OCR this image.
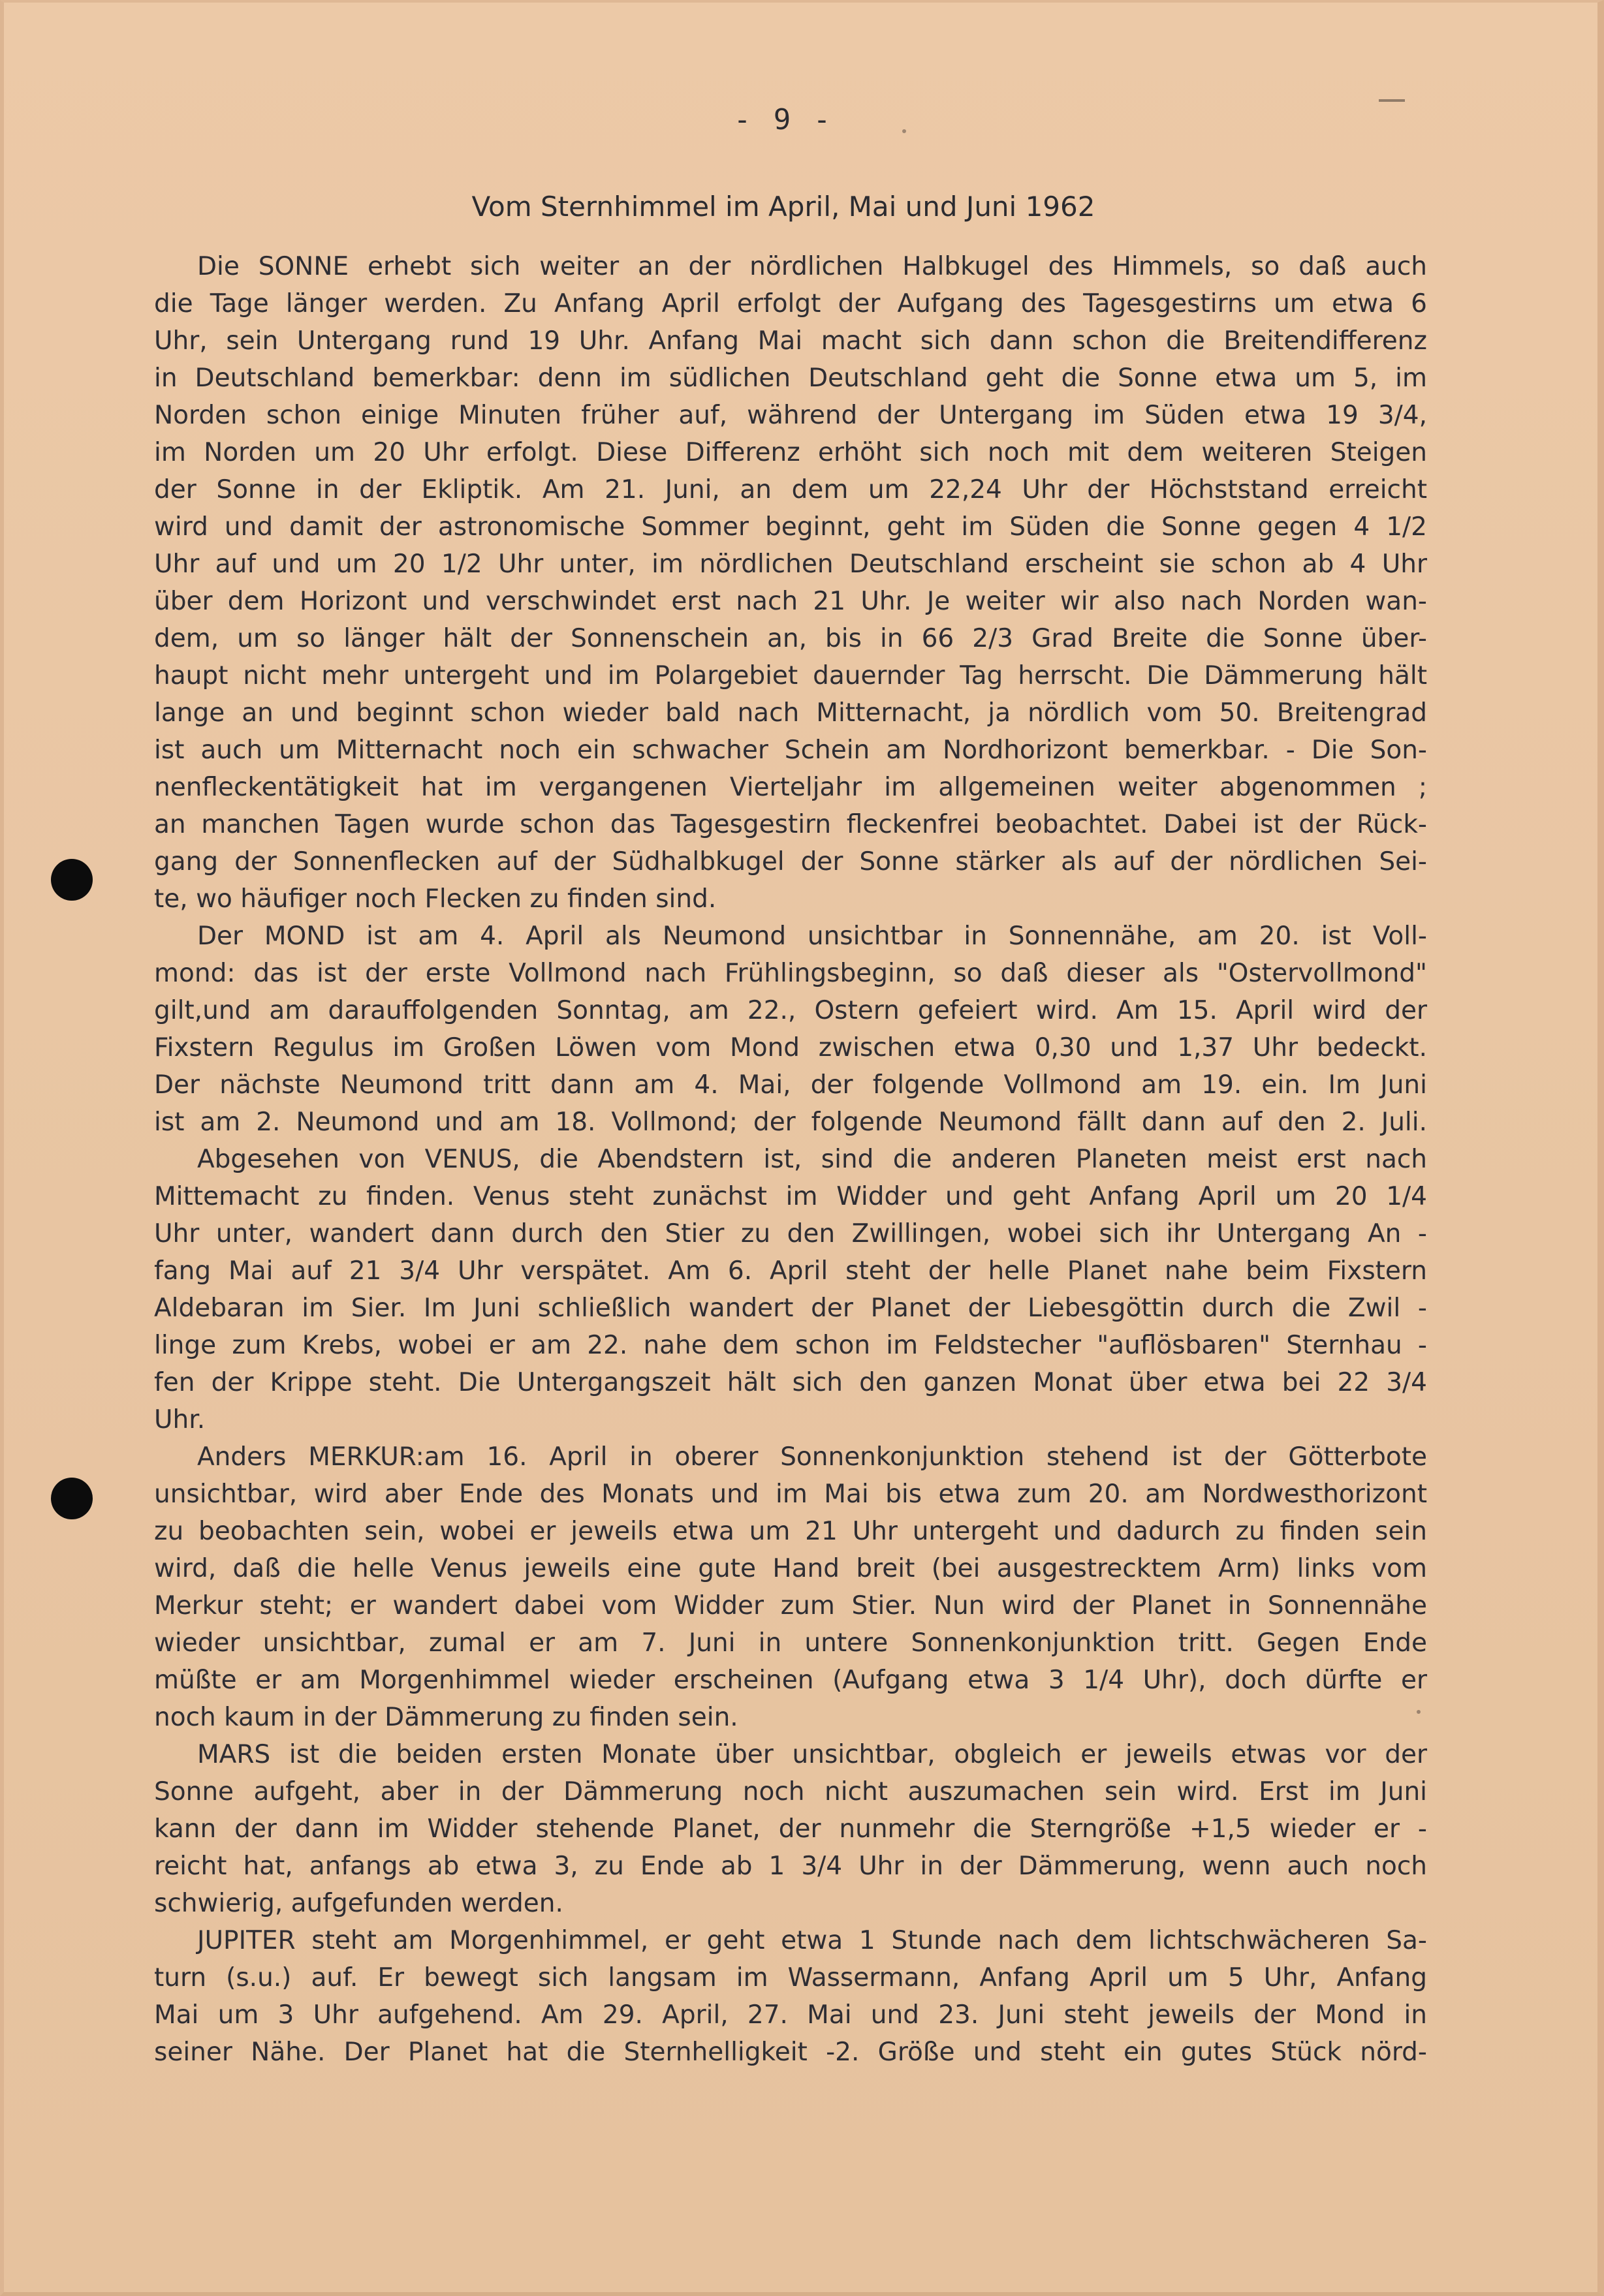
- 9 -
Vom Sternhimmel im April, Mai und Juni 1962
Die SONNE erhebt sich weiter an der nördlichen Halbkugel des Himmels, so daß auch
die Tage länger werden. Zu Anfang April erfolgt der Aufgang des Tagesgestirns um etwa 6
Uhr, sein Untergang rund 19 Uhr. Anfang Mai macht sich dann schon die Breitendifferenz
in Deutschland bemerkbar: denn im südlichen Deutschland geht die Sonne etwa um 5, im
Norden schon einige Minuten früher auf, während der Untergang im Süden etwa 19 3/4,
im Norden um 20 Uhr erfolgt. Diese Differenz erhöht sich noch mit dem weiteren Steigen
der Sonne in der Ekliptik. Am 21. Juni, an dem um 22,24 Uhr der Höchststand erreicht
wird und damit der astronomische Sommer beginnt, geht im Süden die Sonne gegen 4 1/2
Uhr auf und um 20 1/2 Uhr unter, im nördlichen Deutschland erscheint sie schon ab 4 Uhr
über dem Horizont und verschwindet erst nach 21 Uhr. Je weiter wir also nach Norden wan-
dem, um so länger hält der Sonnenschein an, bis in 66 2/3 Grad Breite die Sonne über-
haupt nicht mehr untergeht und im Polargebiet dauernder Tag herrscht. Die Dämmerung hält
lange an und beginnt schon wieder bald nach Mitternacht, ja nördlich vom 50. Breitengrad
ist auch um Mitternacht noch ein schwacher Schein am Nordhorizont bemerkbar. - Die Son-
nenfleckentätigkeit hat im vergangenen Vierteljahr im allgemeinen weiter abgenommen ;
an manchen Tagen wurde schon das Tagesgestirn fleckenfrei beobachtet. Dabei ist der Rück-
gang der Sonnenflecken auf der Südhalbkugel der Sonne stärker als auf der nördlichen Sei-
te, wo häufiger noch Flecken zu finden sind.
Der MOND ist am 4. April als Neumond unsichtbar in Sonnennähe, am 20. ist Voll-
mond: das ist der erste Vollmond nach Frühlingsbeginn, so daß dieser als "Ostervollmond"
gilt,und am darauffolgenden Sonntag, am 22., Ostern gefeiert wird. Am 15. April wird der
Fixstern Regulus im Großen Löwen vom Mond zwischen etwa 0,30 und 1,37 Uhr bedeckt.
Der nächste Neumond tritt dann am 4. Mai, der folgende Vollmond am 19. ein. Im Juni
ist am 2. Neumond und am 18. Vollmond; der folgende Neumond fällt dann auf den 2. Juli.
Abgesehen von VENUS, die Abendstern ist, sind die anderen Planeten meist erst nach
Mittemacht zu finden. Venus steht zunächst im Widder und geht Anfang April um 20 1/4
Uhr unter, wandert dann durch den Stier zu den Zwillingen, wobei sich ihr Untergang An -
fang Mai auf 21 3/4 Uhr verspätet. Am 6. April steht der helle Planet nahe beim Fixstern
Aldebaran im Sier. Im Juni schließlich wandert der Planet der Liebesgöttin durch die Zwil -
linge zum Krebs, wobei er am 22. nahe dem schon im Feldstecher "auflösbaren" Sternhau -
fen der Krippe steht. Die Untergangszeit hält sich den ganzen Monat über etwa bei 22 3/4
Uhr.
Anders MERKUR:am 16. April in oberer Sonnenkonjunktion stehend ist der Götterbote
unsichtbar, wird aber Ende des Monats und im Mai bis etwa zum 20. am Nordwesthorizont
zu beobachten sein, wobei er jeweils etwa um 21 Uhr untergeht und dadurch zu finden sein
wird, daß die helle Venus jeweils eine gute Hand breit (bei ausgestrecktem Arm) links vom
Merkur steht; er wandert dabei vom Widder zum Stier. Nun wird der Planet in Sonnennähe
wieder unsichtbar, zumal er am 7. Juni in untere Sonnenkonjunktion tritt. Gegen Ende
müßte er am Morgenhimmel wieder erscheinen (Aufgang etwa 3 1/4 Uhr), doch dürfte er
noch kaum in der Dämmerung zu finden sein.
MARS ist die beiden ersten Monate über unsichtbar, obgleich er jeweils etwas vor der
Sonne aufgeht, aber in der Dämmerung noch nicht auszumachen sein wird. Erst im Juni
kann der dann im Widder stehende Planet, der nunmehr die Sterngröße +1,5 wieder er -
reicht hat, anfangs ab etwa 3, zu Ende ab 1 3/4 Uhr in der Dämmerung, wenn auch noch
schwierig, aufgefunden werden.
JUPITER steht am Morgenhimmel, er geht etwa 1 Stunde nach dem lichtschwächeren Sa-
turn (s.u.) auf. Er bewegt sich langsam im Wassermann, Anfang April um 5 Uhr, Anfang
Mai um 3 Uhr aufgehend. Am 29. April, 27. Mai und 23. Juni steht jeweils der Mond in
seiner Nähe. Der Planet hat die Sternhelligkeit -2. Größe und steht ein gutes Stück nörd-
